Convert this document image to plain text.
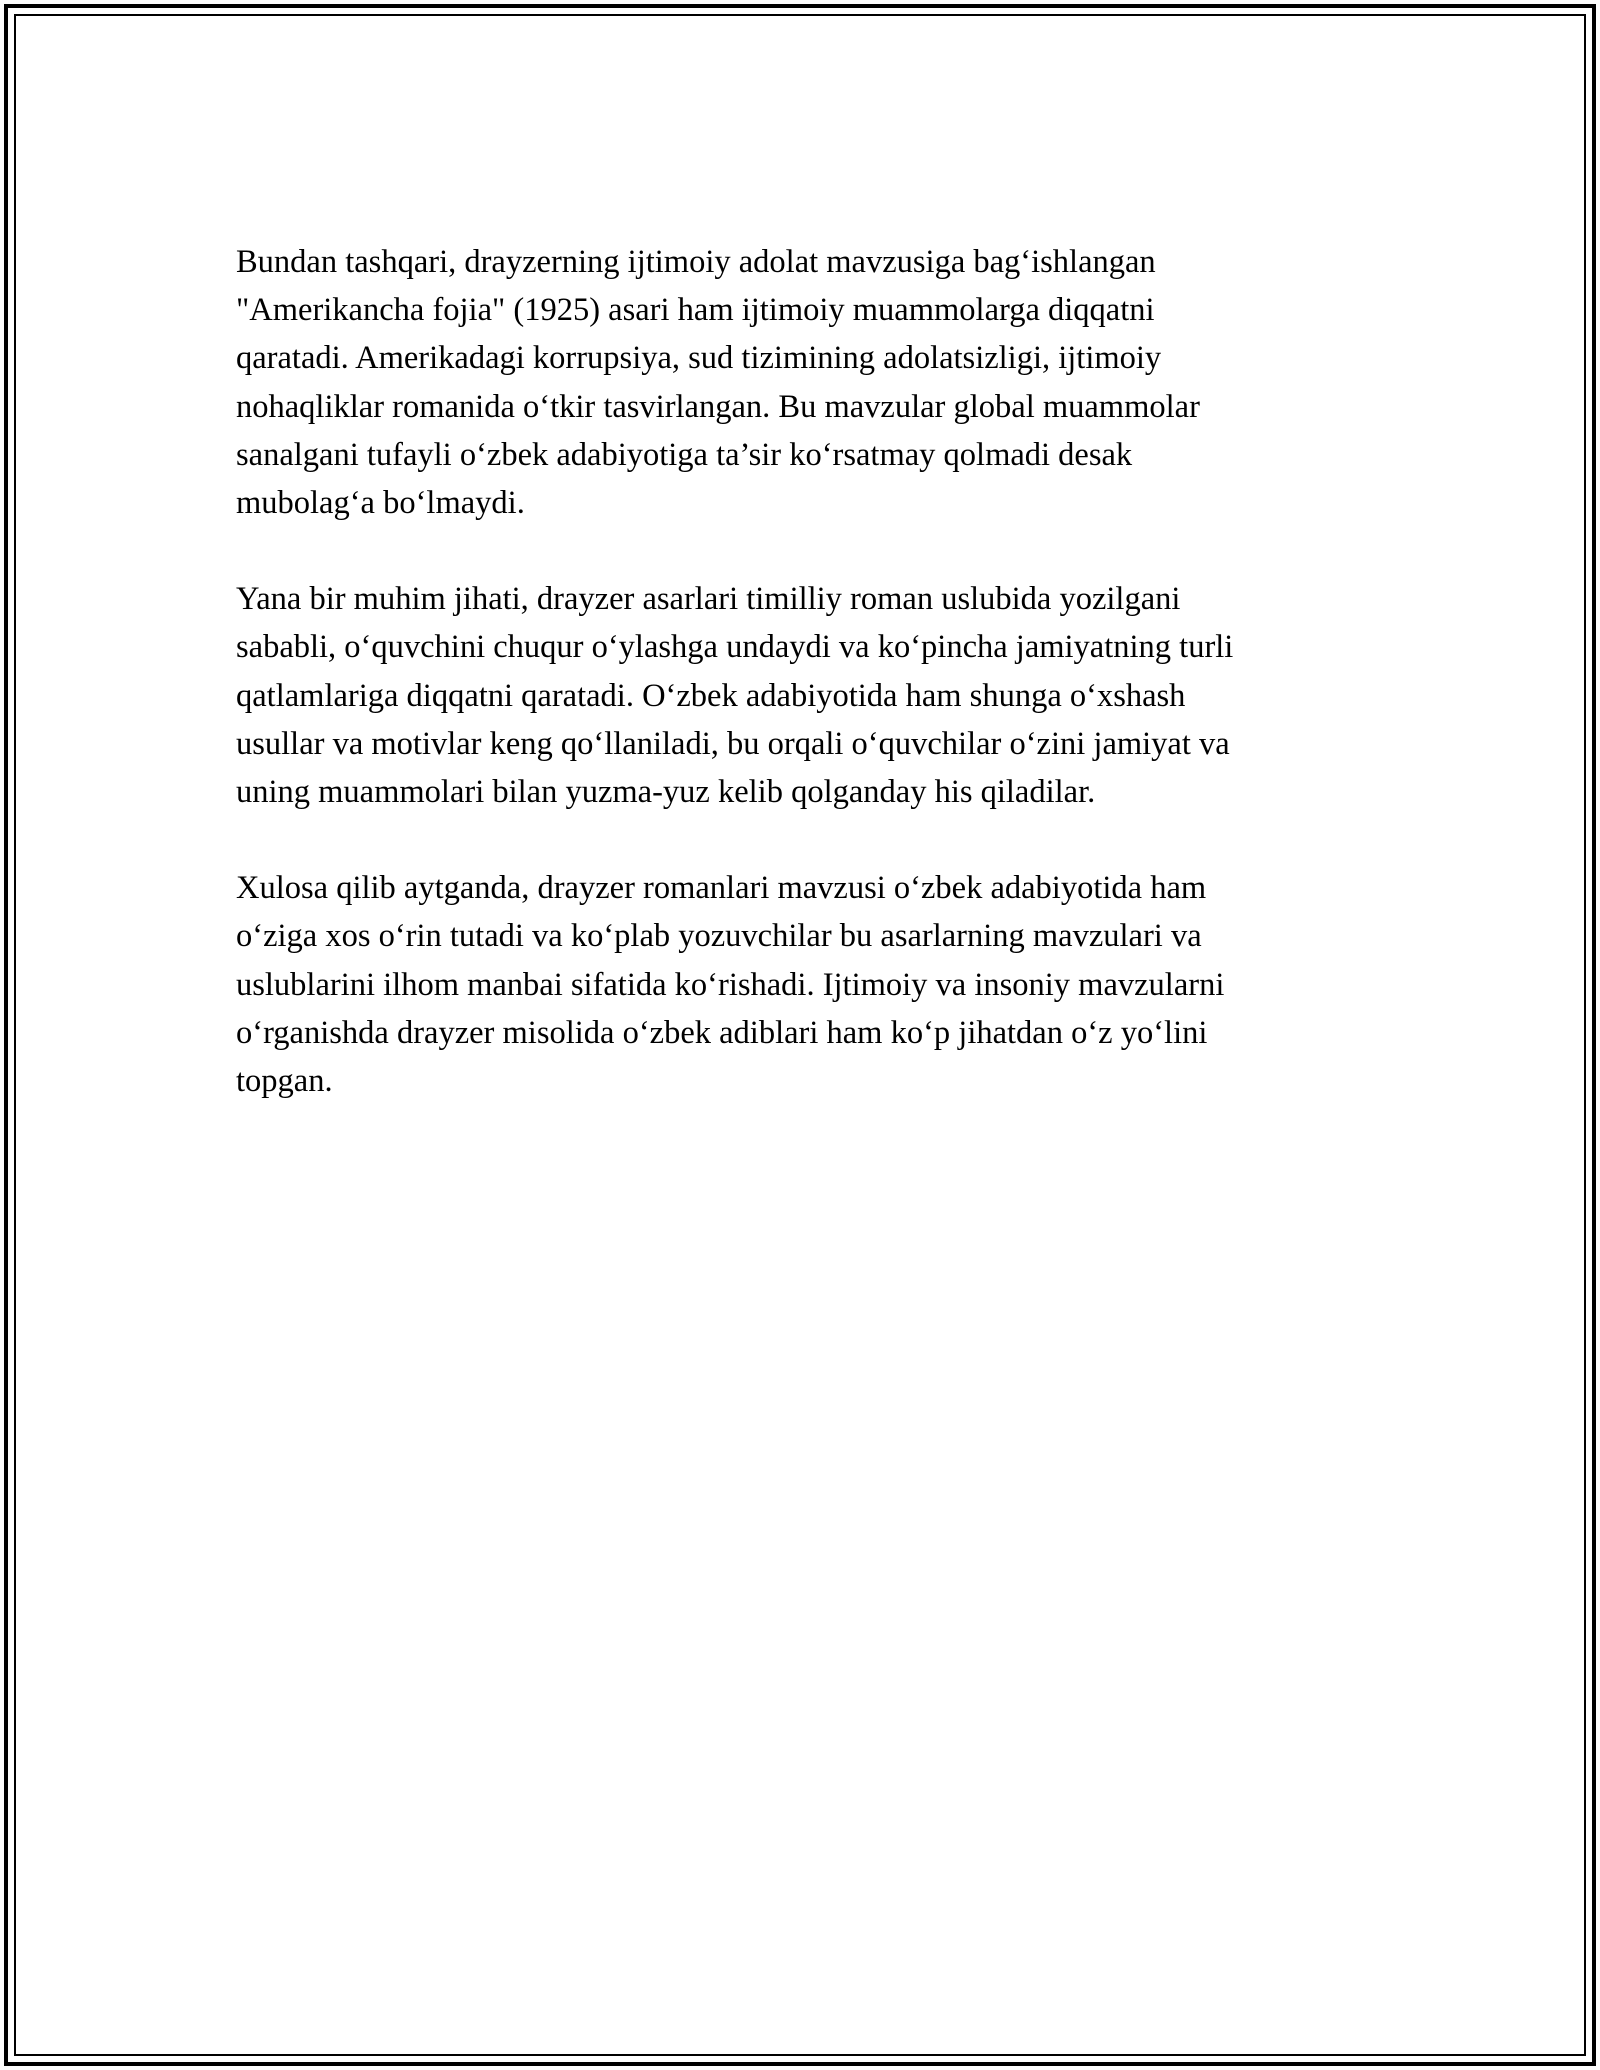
Bundan tashqari, drayzerning ijtimoiy adolat mavzusiga bag‘ishlangan
"Amerikancha fojia" (1925) asari ham ijtimoiy muammolarga diqqatni
qaratadi. Amerikadagi korrupsiya, sud tizimining adolatsizligi, ijtimoiy
nohaqliklar romanida o‘tkir tasvirlangan. Bu mavzular global muammolar
sanalgani tufayli o‘zbek adabiyotiga ta’sir ko‘rsatmay qolmadi desak
mubolag‘a bo‘lmaydi.

Yana bir muhim jihati, drayzer asarlari timilliy roman uslubida yozilgani
sababli, o‘quvchini chuqur o‘ylashga undaydi va ko‘pincha jamiyatning turli
qatlamlariga diqqatni qaratadi. O‘zbek adabiyotida ham shunga o‘xshash
usullar va motivlar keng qo‘llaniladi, bu orqali o‘quvchilar o‘zini jamiyat va
uning muammolari bilan yuzma-yuz kelib qolganday his qiladilar.

Xulosa qilib aytganda, drayzer romanlari mavzusi o‘zbek adabiyotida ham
o‘ziga xos o‘rin tutadi va ko‘plab yozuvchilar bu asarlarning mavzulari va
uslublarini ilhom manbai sifatida ko‘rishadi. Ijtimoiy va insoniy mavzularni
o‘rganishda drayzer misolida o‘zbek adiblari ham ko‘p jihatdan o‘z yo‘lini
topgan.
